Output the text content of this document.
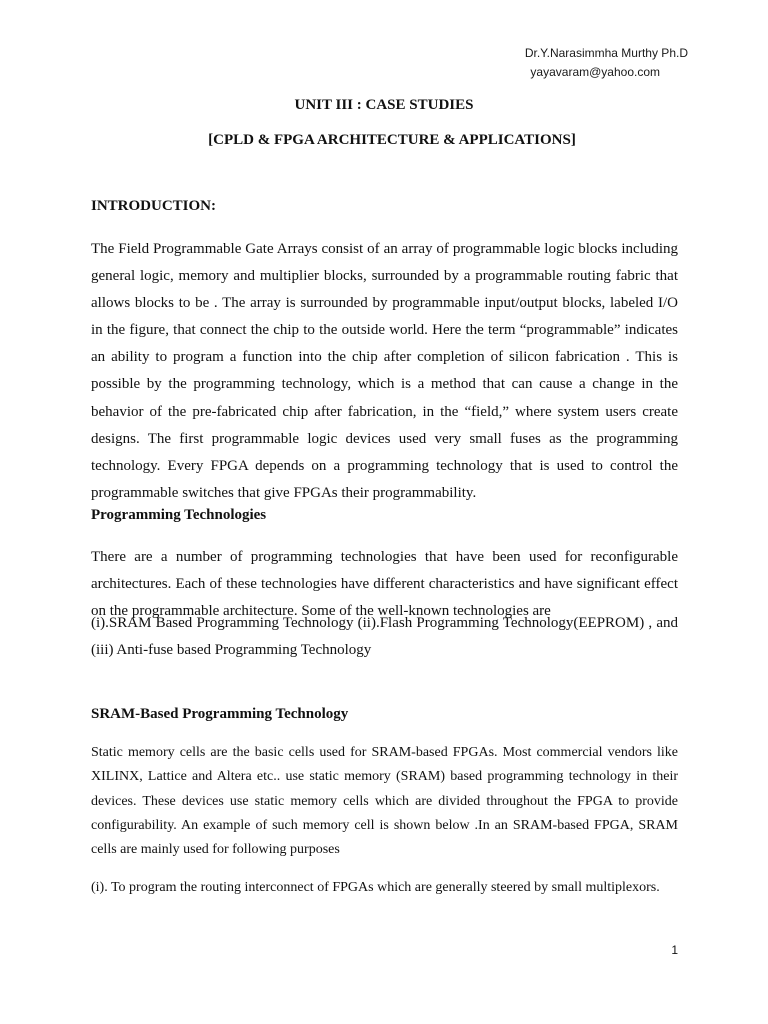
Dr.Y.Narasimmha Murthy Ph.D
yayavaram@yahoo.com
UNIT III : CASE STUDIES
[CPLD & FPGA ARCHITECTURE & APPLICATIONS]
INTRODUCTION:
The Field Programmable Gate Arrays consist of an array of programmable logic blocks including general logic, memory and multiplier blocks, surrounded by a programmable routing fabric that allows blocks to be . The array is surrounded by programmable input/output blocks, labeled I/O in the figure, that connect the chip to the outside world. Here the term “programmable” indicates an ability to program a function into the chip after completion of silicon fabrication . This is possible by the programming technology, which is a method that can cause a change in the behavior of the pre-fabricated chip after fabrication, in the “field,” where system users create designs. The first programmable logic devices used very small fuses as the programming technology. Every FPGA depends on a programming technology that is used to control the programmable switches that give FPGAs their programmability.
Programming Technologies
There are a number of programming technologies that have been used for reconfigurable architectures. Each of these technologies have different characteristics and have significant effect on the programmable architecture. Some of the well-known technologies are
(i).SRAM Based Programming Technology (ii).Flash Programming Technology(EEPROM) , and (iii) Anti-fuse based Programming Technology
SRAM-Based Programming Technology
Static memory cells are the basic cells used for SRAM-based FPGAs. Most commercial vendors like XILINX, Lattice and Altera etc.. use static memory (SRAM) based programming technology in their devices. These devices use static memory cells which are divided throughout the FPGA to provide configurability. An example of such memory cell is shown below .In an SRAM-based FPGA, SRAM cells are mainly used for following purposes
(i). To program the routing interconnect of FPGAs which are generally steered by small multiplexors.
1
